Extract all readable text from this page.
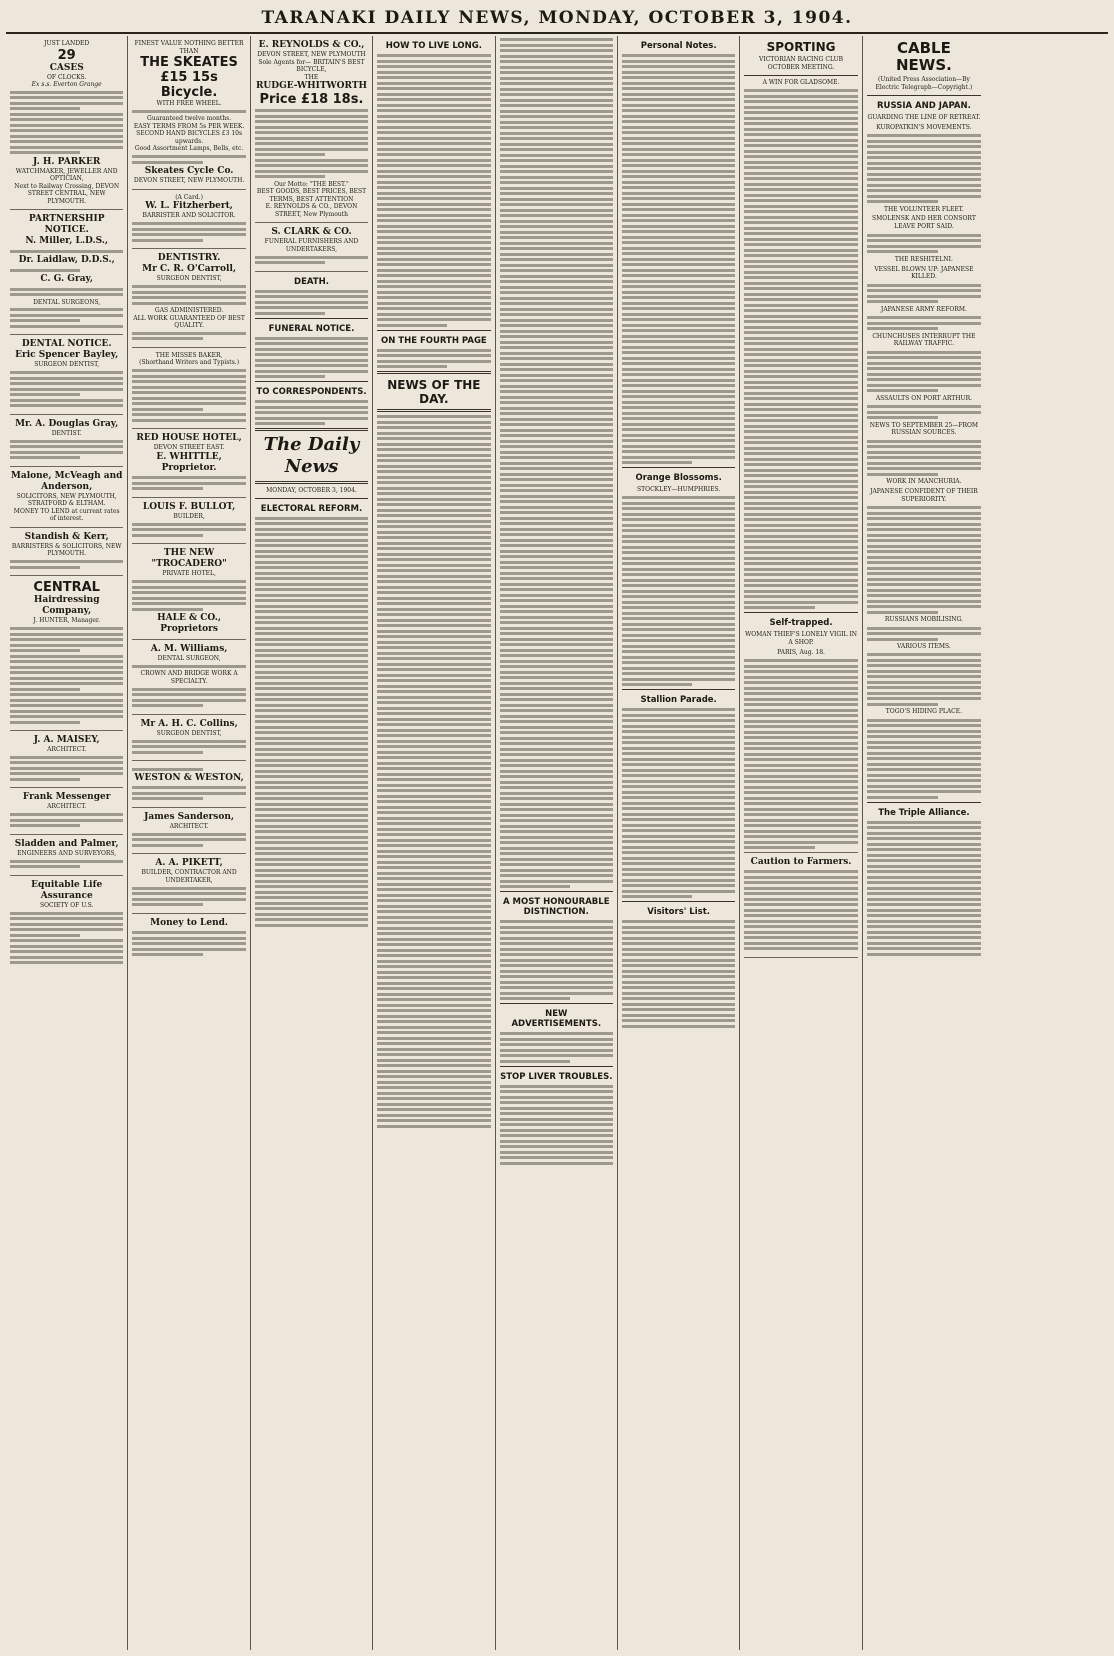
TARANAKI DAILY NEWS, MONDAY, OCTOBER 3, 1904.

JUST LANDED

29

CASES

OF CLOCKS.

Ex s.s. Everton Grange

J. H. PARKER

WATCHMAKER, JEWELLER AND OPTICIAN,

Next to Railway Crossing, DEVON STREET CENTRAL, NEW PLYMOUTH.

PARTNERSHIP NOTICE.

N. Miller, L.D.S.,

Dr. Laidlaw, D.D.S.,

C. G. Gray,

DENTAL SURGEONS,

DENTAL NOTICE.

Eric Spencer Bayley,

SURGEON DENTIST,

Mr. A. Douglas Gray,

DENTIST.

Malone, McVeagh and Anderson,

SOLICITORS, NEW PLYMOUTH, STRATFORD & ELTHAM.

MONEY TO LEND at current rates of interest.

Standish & Kerr,

BARRISTERS & SOLICITORS, NEW PLYMOUTH.

CENTRAL

Hairdressing Company,

J. HUNTER, Manager.

J. A. MAISEY,

ARCHITECT.

Frank Messenger

ARCHITECT.

Sladden and Palmer,

ENGINEERS AND SURVEYORS,

Equitable Life Assurance

SOCIETY OF U.S.

FINEST VALUE NOTHING BETTER THAN

THE SKEATES

£15 15s Bicycle.

WITH FREE WHEEL.

Guaranteed twelve months.

EASY TERMS FROM 5s PER WEEK.

SECOND HAND BICYCLES £3 10s upwards.

Good Assortment Lamps, Bells, etc.

Skeates Cycle Co.

DEVON STREET, NEW PLYMOUTH.

(A Card.)

W. L. Fitzherbert,

BARRISTER AND SOLICITOR.

DENTISTRY.

Mr C. R. O'Carroll,

SURGEON DENTIST,

GAS ADMINISTERED.

ALL WORK GUARANTEED OF BEST QUALITY.

THE MISSES BAKER,

(Shorthand Writers and Typists.)

RED HOUSE HOTEL,

DEVON STREET EAST.

E. WHITTLE, Proprietor.

LOUIS F. BULLOT,

BUILDER,

THE NEW "TROCADERO"

PRIVATE HOTEL,

HALE & CO., Proprietors

A. M. Williams,

DENTAL SURGEON,

CROWN AND BRIDGE WORK A SPECIALTY.

Mr A. H. C. Collins,

SURGEON DENTIST,

WESTON & WESTON,

James Sanderson,

ARCHITECT.

A. A. PIKETT,

BUILDER, CONTRACTOR AND UNDERTAKER,

Money to Lend.

E. REYNOLDS & CO.,

DEVON STREET, NEW PLYMOUTH

Sole Agents for— BRITAIN'S BEST BICYCLE,

THE

RUDGE-WHITWORTH

Price £18 18s.

Our Motto: "THE BEST."

BEST GOODS, BEST PRICES, BEST TERMS, BEST ATTENTION

E. REYNOLDS & CO., DEVON STREET, New Plymouth

S. CLARK & CO.

FUNERAL FURNISHERS AND UNDERTAKERS,

DEATH.

FUNERAL NOTICE.

TO CORRESPONDENTS.

The Daily News

MONDAY, OCTOBER 3, 1904.

ELECTORAL REFORM.

HOW TO LIVE LONG.

ON THE FOURTH PAGE

NEWS OF THE DAY.

A MOST HONOURABLE DISTINCTION.

NEW ADVERTISEMENTS.

STOP LIVER TROUBLES.

Personal Notes.

Orange Blossoms.

STOCKLEY—HUMPHRIES.

Stallion Parade.

Visitors' List.

SPORTING

VICTORIAN RACING CLUB OCTOBER MEETING.

A WIN FOR GLADSOME.

Self-trapped.

WOMAN THIEF'S LONELY VIGIL IN A SHOP.

PARIS, Aug. 18.

Caution to Farmers.

CABLE NEWS.

(United Press Association—By Electric Telegraph—Copyright.)

RUSSIA AND JAPAN.

GUARDING THE LINE OF RETREAT.

KUROPATKIN'S MOVEMENTS.

THE VOLUNTEER FLEET.

SMOLENSK AND HER CONSORT LEAVE PORT SAID.

THE RESHITELNI.

VESSEL BLOWN UP: JAPANESE KILLED.

JAPANESE ARMY REFORM.

CHUNCHUSES INTERRUPT THE RAILWAY TRAFFIC.

ASSAULTS ON PORT ARTHUR.

NEWS TO SEPTEMBER 25—FROM RUSSIAN SOURCES.

WORK IN MANCHURIA.

JAPANESE CONFIDENT OF THEIR SUPERIORITY.

RUSSIANS MOBILISING.

VARIOUS ITEMS.

TOGO'S HIDING PLACE.

The Triple Alliance.
